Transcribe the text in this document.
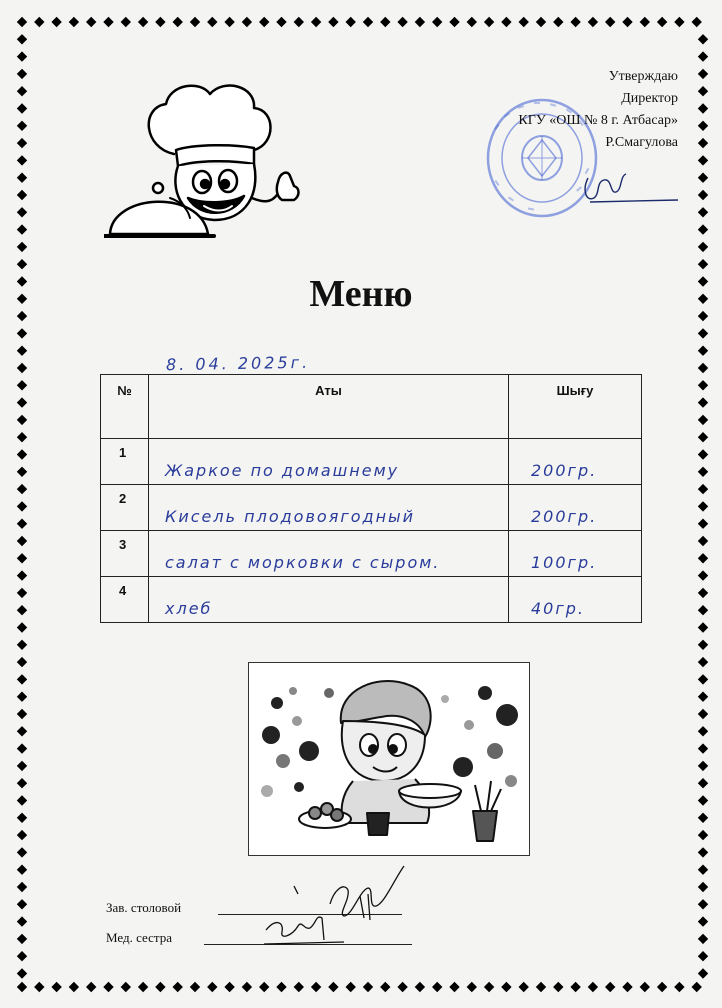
Утверждаю
Директор
КГУ «ОШ № 8 г. Атбасар»
Р.Смагулова
Меню
8. 04. 2025г.
№	Аты	Шығу
1	Жаркое по домашнему	200гр.
2	Кисель плодовоягодный	200гр.
3	салат с морковки с сыром.	100гр.
4	хлеб	40гр.
Зав. столовой
Мед. сестра
